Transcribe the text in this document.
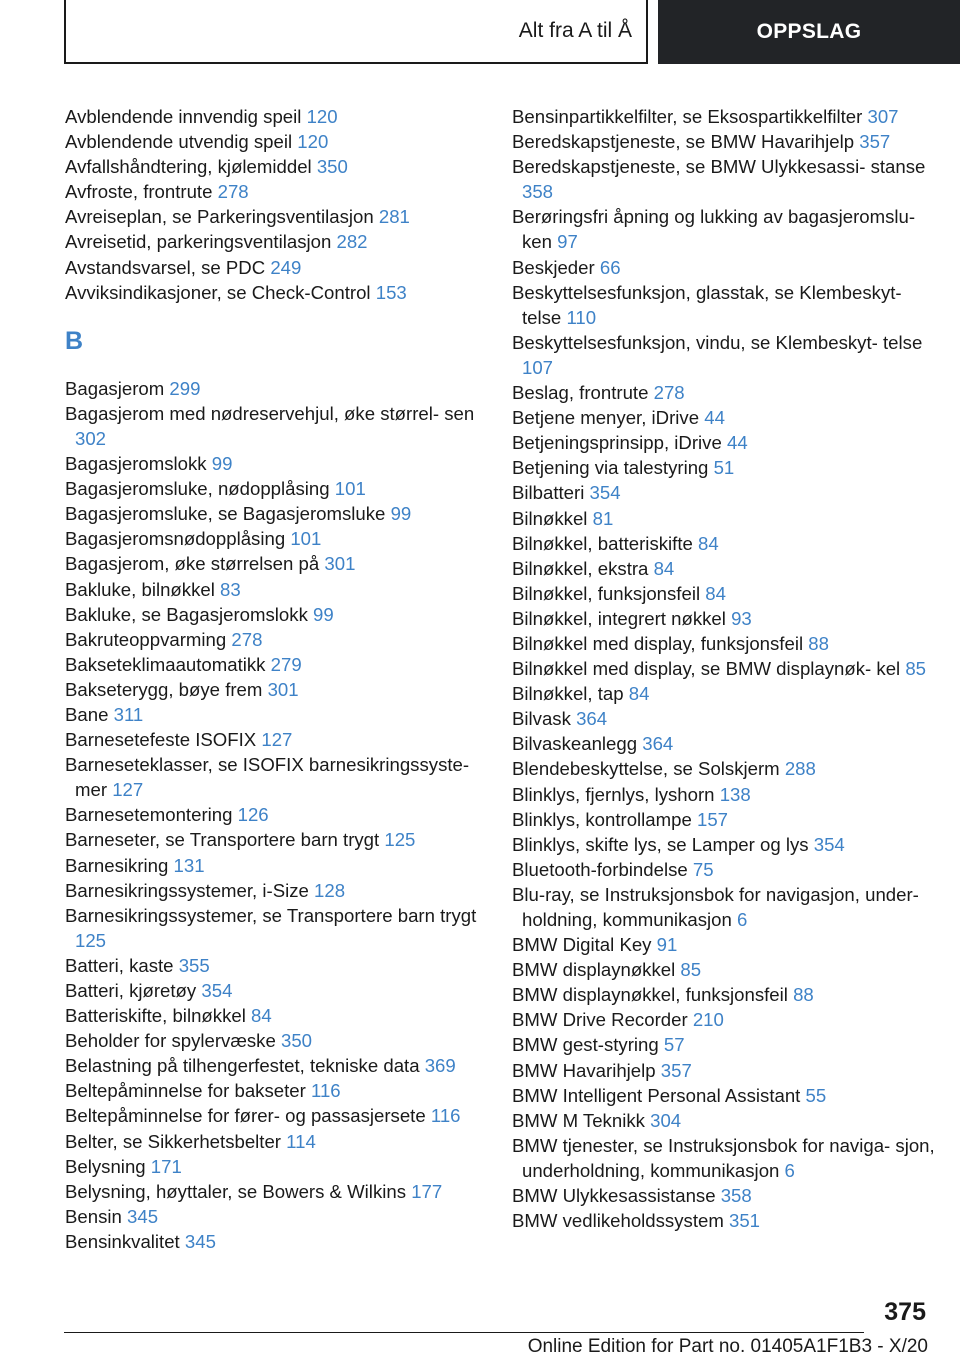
Alt fra A til Å	OPPSLAG
Avblendende innvendig speil 120
Avblendende utvendig speil 120
Avfallshåndtering, kjølemiddel 350
Avfroste, frontrute 278
Avreiseplan, se Parkeringsventilasjon 281
Avreisetid, parkeringsventilasjon 282
Avstandsvarsel, se PDC 249
Avviksindikasjoner, se Check-Control 153
B
Bagasjerom 299
Bagasjerom med nødreservehjul, øke størrel‐ sen 302
Bagasjeromslokk 99
Bagasjeromsluke, nødopplåsing 101
Bagasjeromsluke, se Bagasjeromsluke 99
Bagasjeromsnødopplåsing 101
Bagasjerom, øke størrelsen på 301
Bakluke, bilnøkkel 83
Bakluke, se Bagasjeromslokk 99
Bakruteoppvarming 278
Bakseteklimaautomatikk 279
Bakseterygg, bøye frem 301
Bane 311
Barnesetefeste ISOFIX 127
Barneseteklasser, se ISOFIX barnesikringssyste‐ mer 127
Barnesetemontering 126
Barneseter, se Transportere barn trygt 125
Barnesikring 131
Barnesikringssystemer, i-Size 128
Barnesikringssystemer, se Transportere barn trygt 125
Batteri, kaste 355
Batteri, kjøretøy 354
Batteriskifte, bilnøkkel 84
Beholder for spylervæske 350
Belastning på tilhengerfestet, tekniske data 369
Beltepåminnelse for bakseter 116
Beltepåminnelse for fører- og passasjersete 116
Belter, se Sikkerhetsbelter 114
Belysning 171
Belysning, høyttaler, se Bowers & Wilkins 177
Bensin 345
Bensinkvalitet 345
Bensinpartikkelfilter, se Eksospartikkelfilter 307
Beredskapstjeneste, se BMW Havarihjelp 357
Beredskapstjeneste, se BMW Ulykkesassi‐ stanse 358
Berøringsfri åpning og lukking av bagasjeromslu‐ ken 97
Beskjeder 66
Beskyttelsesfunksjon, glasstak, se Klembeskyt‐ telse 110
Beskyttelsesfunksjon, vindu, se Klembeskyt‐ telse 107
Beslag, frontrute 278
Betjene menyer, iDrive 44
Betjeningsprinsipp, iDrive 44
Betjening via talestyring 51
Bilbatteri 354
Bilnøkkel 81
Bilnøkkel, batteriskifte 84
Bilnøkkel, ekstra 84
Bilnøkkel, funksjonsfeil 84
Bilnøkkel, integrert nøkkel 93
Bilnøkkel med display, funksjonsfeil 88
Bilnøkkel med display, se BMW displaynøk‐ kel 85
Bilnøkkel, tap 84
Bilvask 364
Bilvaskeanlegg 364
Blendebeskyttelse, se Solskjerm 288
Blinklys, fjernlys, lyshorn 138
Blinklys, kontrollampe 157
Blinklys, skifte lys, se Lamper og lys 354
Bluetooth-forbindelse 75
Blu-ray, se Instruksjonsbok for navigasjon, under‐ holdning, kommunikasjon 6
BMW Digital Key 91
BMW displaynøkkel 85
BMW displaynøkkel, funksjonsfeil 88
BMW Drive Recorder 210
BMW gest-styring 57
BMW Havarihjelp 357
BMW Intelligent Personal Assistant 55
BMW M Teknikk 304
BMW tjenester, se Instruksjonsbok for naviga‐ sjon, underholdning, kommunikasjon 6
BMW Ulykkesassistanse 358
BMW vedlikeholdssystem 351
375
Online Edition for Part no. 01405A1F1B3 - X/20
